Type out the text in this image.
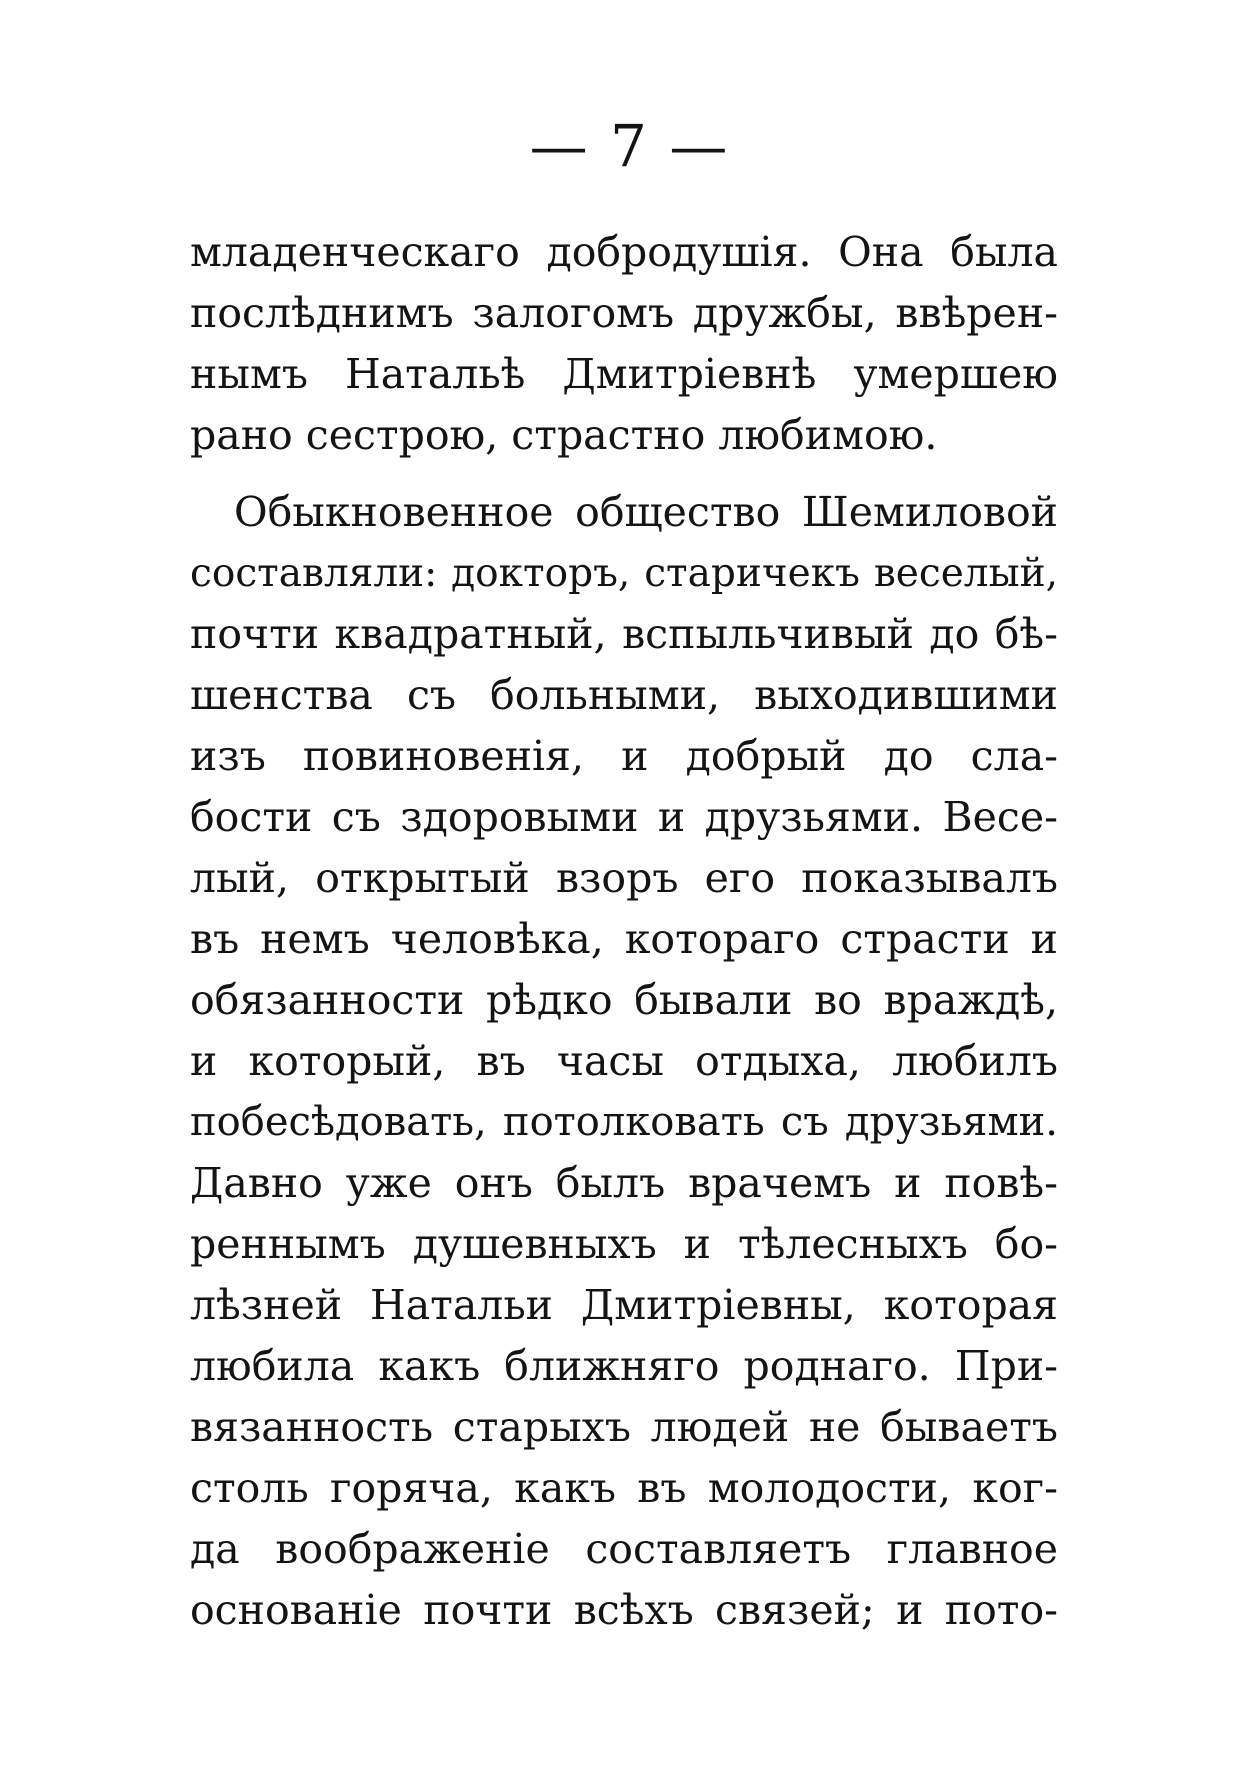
— 7 —
младенческаго добродушія. Она была
послѣднимъ залогомъ дружбы, ввѣрен-
нымъ Натальѣ Дмитріевнѣ умершею
рано сестрою, страстно любимою.
Обыкновенное общество Шемиловой
составляли: докторъ, старичекъ веселый,
почти квадратный, вспыльчивый до бѣ-
шенства съ больными, выходившими
изъ повиновенія, и добрый до сла-
бости съ здоровыми и друзьями. Весе-
лый, открытый взоръ его показывалъ
въ немъ человѣка, котораго страсти и
обязанности рѣдко бывали во враждѣ,
и который, въ часы отдыха, любилъ
побесѣдовать, потолковать съ друзьями.
Давно уже онъ былъ врачемъ и повѣ-
реннымъ душевныхъ и тѣлесныхъ бо-
лѣзней Натальи Дмитріевны, которая
любила какъ ближняго роднаго. При-
вязанность старыхъ людей не бываетъ
столь горяча, какъ въ молодости, ког-
да воображеніе составляетъ главное
основаніе почти всѣхъ связей; и пото-
